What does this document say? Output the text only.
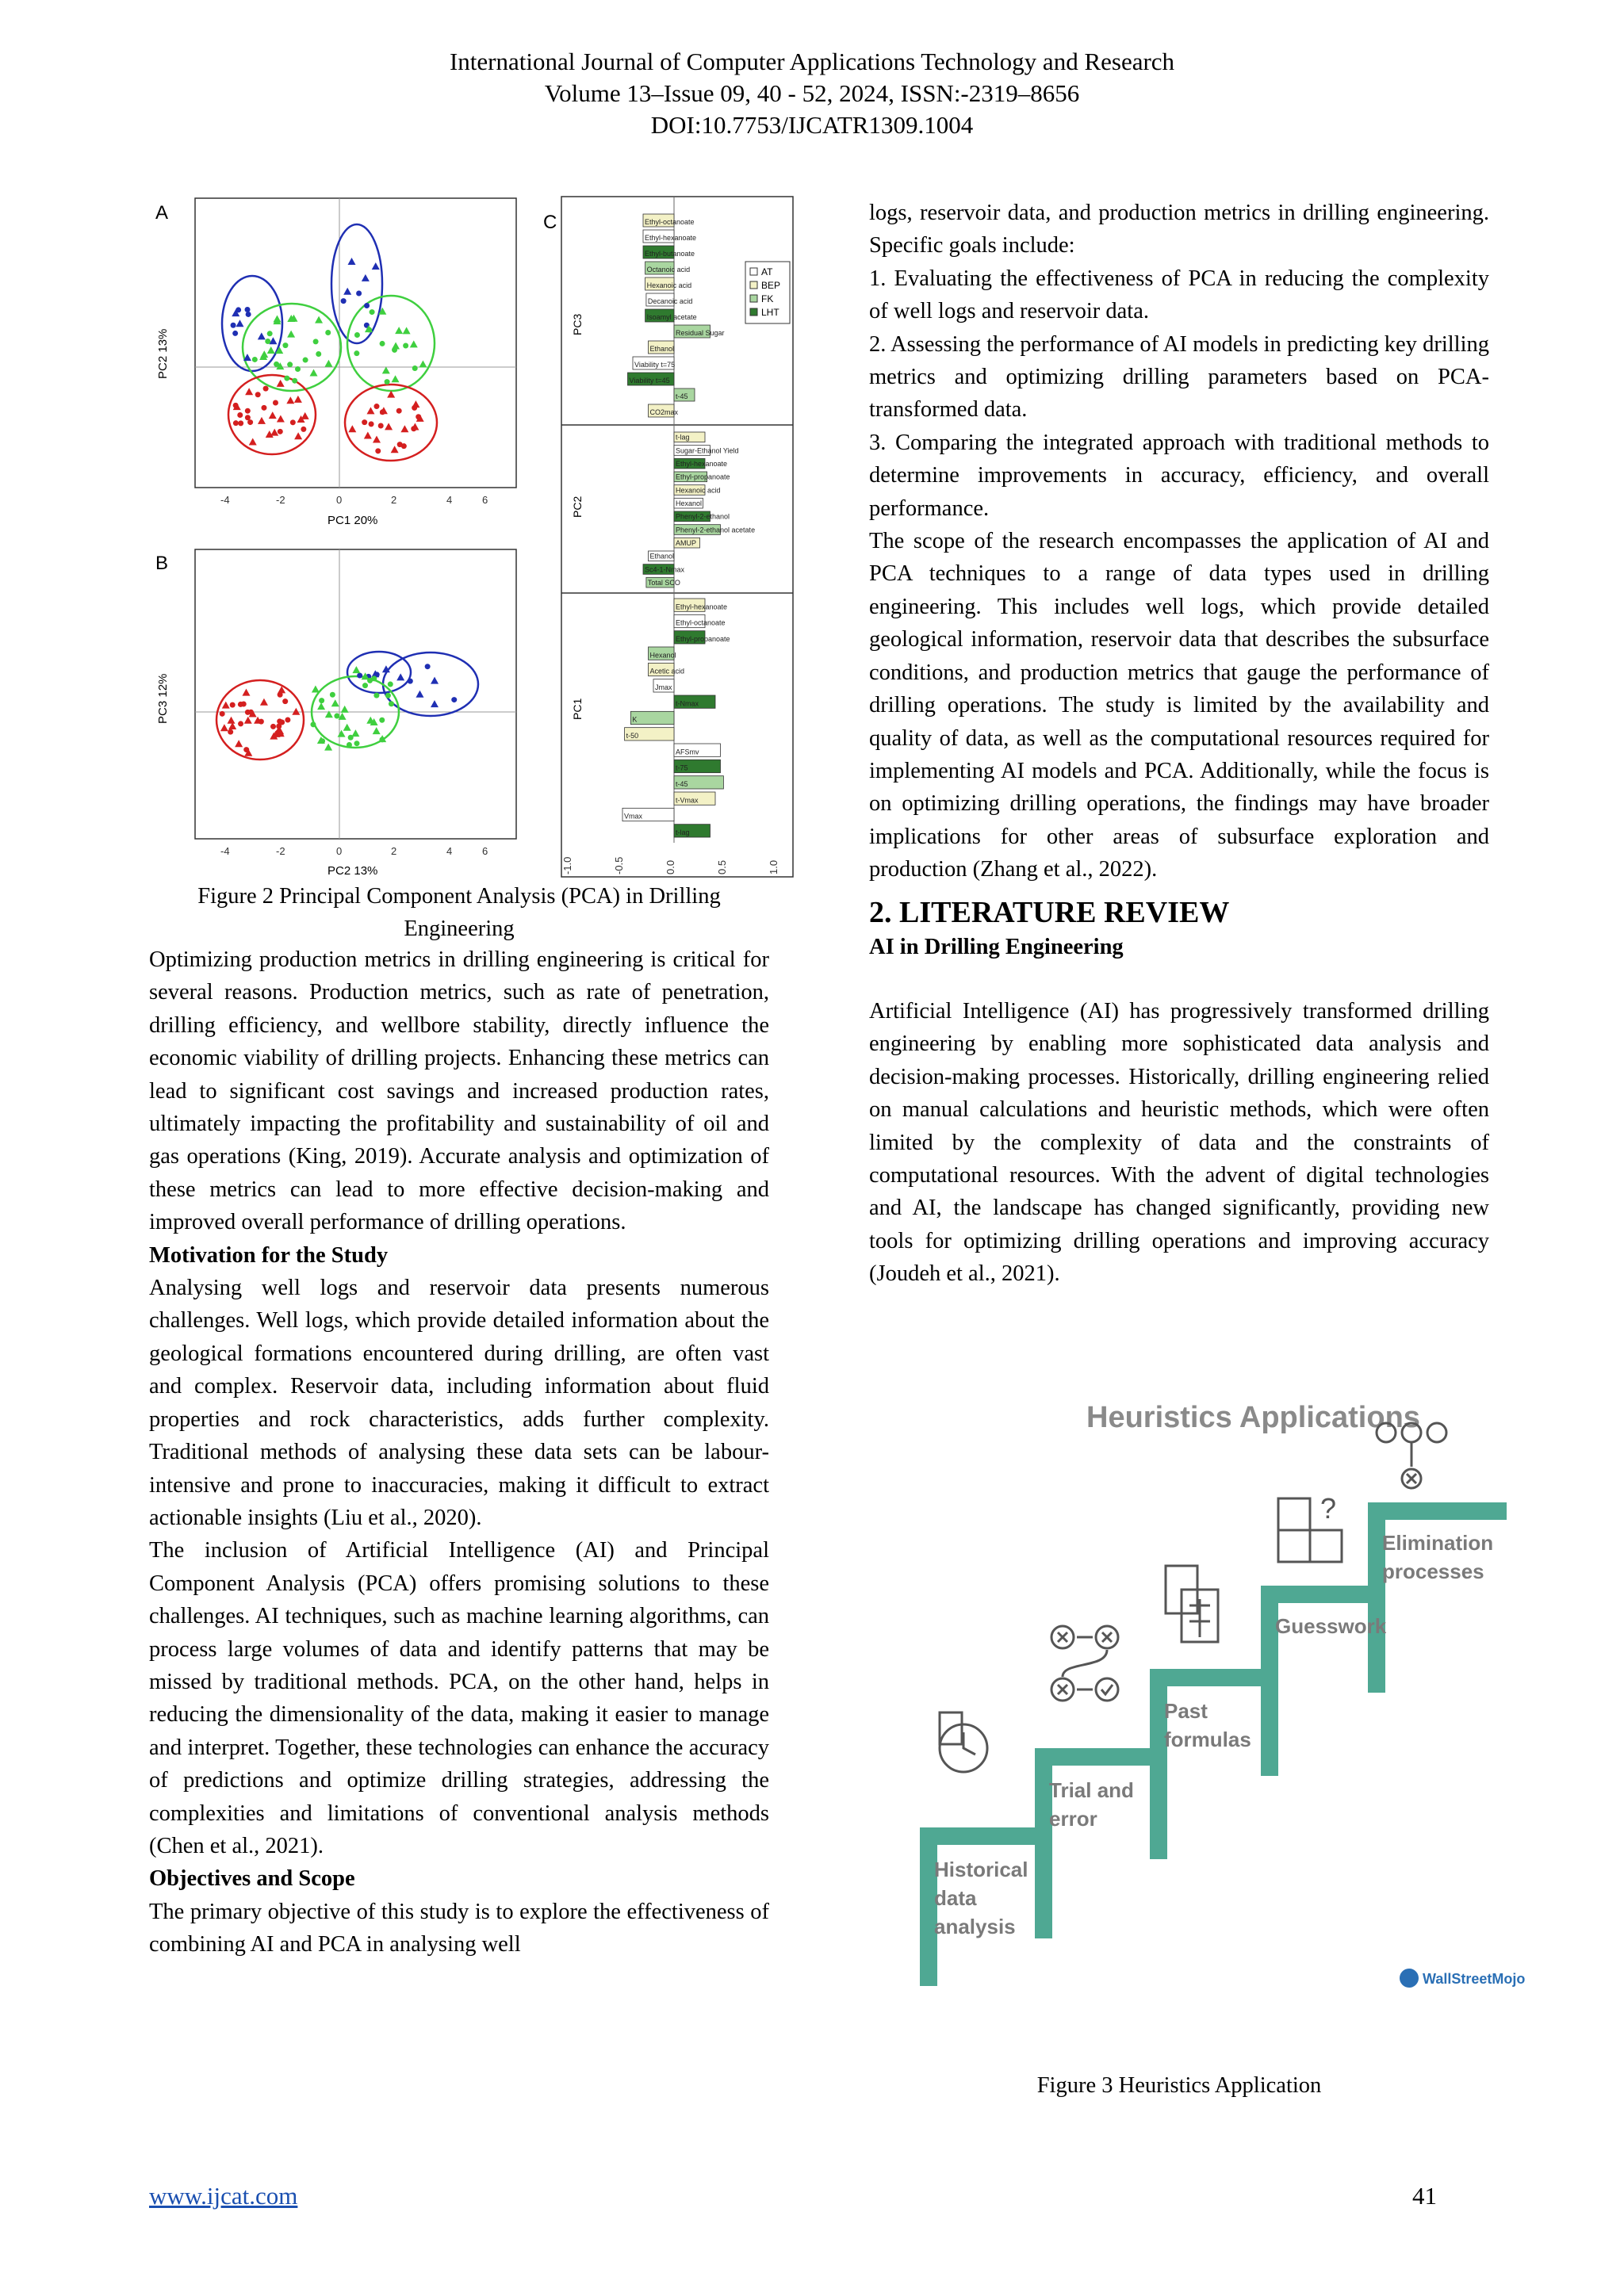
International Journal of Computer Applications Technology and Research
Volume 13–Issue 09, 40 - 52, 2024, ISSN:-2319–8656
DOI:10.7753/IJCATR1309.1004
A
PC1 20%
PC2 13%
-4	-2	0	2	4	6
B
PC2 13%
PC3 12%
-4	-2	0	2	4	6
C
PC3
PC2
PC1
Ethyl-octanoate
Ethyl-hexanoate
Ethyl-butanoate
Octanoic acid
Hexanoic acid
Decanoic acid
Isoamyl acetate
Residual Sugar
Ethanol
Viability t=75
Viability t=45
t-45
CO2max
t-lag
Sugar-Ethanol Yield
Ethyl-hexanoate
Ethyl-propanoate
Hexanoic acid
Hexanol
Phenyl-2-ethanol
Phenyl-2-ethanol acetate
AMUP
Ethanol
Sc4-1-Nmax
Total SCO
Ethyl-hexanoate
Ethyl-octanoate
Ethyl-propanoate
Hexanol
Acetic acid
Jmax
t-Nmax
K
t-50
AFSmv
t-75
t-45
t-Vmax
Vmax
t-lag
-1.0	-0.5	0.0	0.5	1.0
AT
BEP
FK
LHT
Figure 2 Principal Component Analysis (PCA) in Drilling Engineering

Optimizing production metrics in drilling engineering is critical for several reasons. Production metrics, such as rate of penetration, drilling efficiency, and wellbore stability, directly influence the economic viability of drilling projects. Enhancing these metrics can lead to significant cost savings and increased production rates, ultimately impacting the profitability and sustainability of oil and gas operations (King, 2019). Accurate analysis and optimization of these metrics can lead to more effective decision-making and improved overall performance of drilling operations.

Motivation for the Study

Analysing well logs and reservoir data presents numerous challenges. Well logs, which provide detailed information about the geological formations encountered during drilling, are often vast and complex. Reservoir data, including information about fluid properties and rock characteristics, adds further complexity. Traditional methods of analysing these data sets can be labour-intensive and prone to inaccuracies, making it difficult to extract actionable insights (Liu et al., 2020).

The inclusion of Artificial Intelligence (AI) and Principal Component Analysis (PCA) offers promising solutions to these challenges. AI techniques, such as machine learning algorithms, can process large volumes of data and identify patterns that may be missed by traditional methods. PCA, on the other hand, helps in reducing the dimensionality of the data, making it easier to manage and interpret. Together, these technologies can enhance the accuracy of predictions and optimize drilling strategies, addressing the complexities and limitations of conventional analysis methods (Chen et al., 2021).

Objectives and Scope

The primary objective of this study is to explore the effectiveness of combining AI and PCA in analysing well

logs, reservoir data, and production metrics in drilling engineering. Specific goals include:

1. Evaluating the effectiveness of PCA in reducing the complexity of well logs and reservoir data.

2. Assessing the performance of AI models in predicting key drilling metrics and optimizing drilling parameters based on PCA-transformed data.

3. Comparing the integrated approach with traditional methods to determine improvements in accuracy, efficiency, and overall performance.

The scope of the research encompasses the application of AI and PCA techniques to a range of data types used in drilling engineering. This includes well logs, which provide detailed geological information, reservoir data that describes the subsurface conditions, and production metrics that gauge the performance of drilling operations. The study is limited by the availability and quality of data, as well as the computational resources required for implementing AI models and PCA. Additionally, while the focus is on optimizing drilling operations, the findings may have broader implications for other areas of subsurface exploration and production (Zhang et al., 2022).

2. LITERATURE REVIEW
AI in Drilling Engineering

Artificial Intelligence (AI) has progressively transformed drilling engineering by enabling more sophisticated data analysis and decision-making processes. Historically, drilling engineering relied on manual calculations and heuristic methods, which were often limited by the complexity of data and the constraints of computational resources. With the advent of digital technologies and AI, the landscape has changed significantly, providing new tools for optimizing drilling operations and improving accuracy (Joudeh et al., 2021).

Heuristics Applications
?
Historical data analysis
Trial and error
Past formulas
Guesswork
Elimination processes
WallStreetMojo
Figure 3 Heuristics Application
www.ijcat.com	41
